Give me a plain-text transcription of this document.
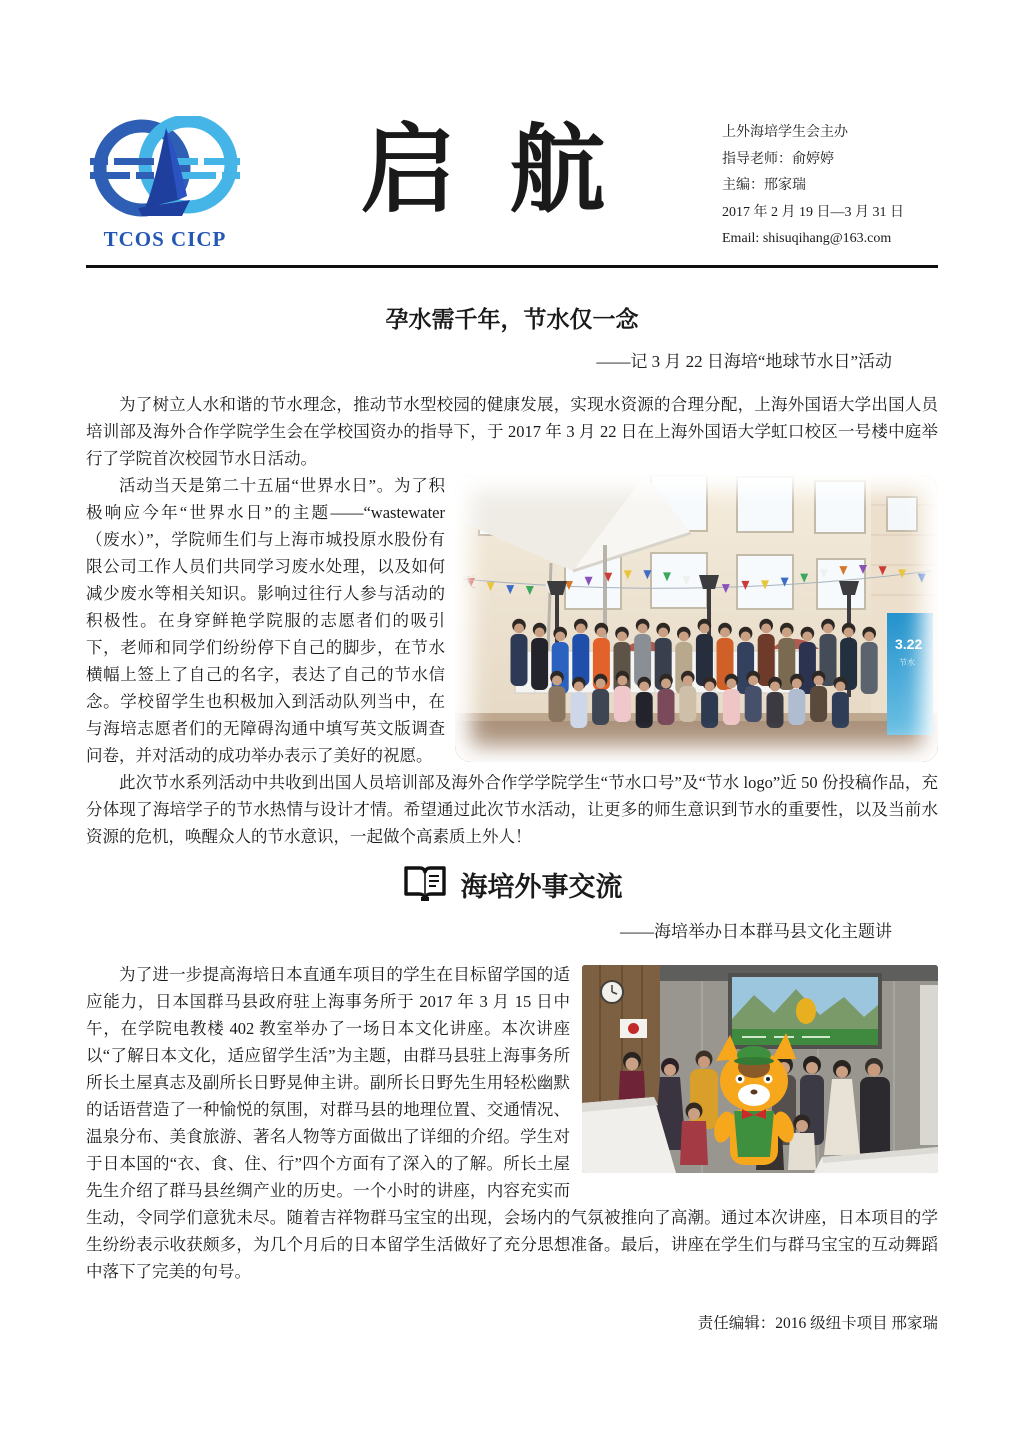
TCOS CICP
启航	上外海培学生会主办
指导老师：俞婷婷
主编：邢家瑞
2017 年 2 月 19 日—3 月 31 日
Email: shisuqihang@163.com
孕水需千年，节水仅一念
——记 3 月 22 日海培“地球节水日”活动

为了树立人水和谐的节水理念，推动节水型校园的健康发展，实现水资源的合理分配，上海外国语大学出国人员培训部及海外合作学院学生会在学校国资办的指导下，于 2017 年 3 月 22 日在上海外国语大学虹口校区一号楼中庭举行了学院首次校园节水日活动。

3.22
节水
天

活动当天是第二十五届“世界水日”。为了积极响应今年“世界水日”的主题——“wastewater（废水）”，学院师生们与上海市城投原水股份有限公司工作人员们共同学习废水处理，以及如何减少废水等相关知识。影响过往行人参与活动的积极性。在身穿鲜艳学院服的志愿者们的吸引下，老师和同学们纷纷停下自己的脚步，在节水横幅上签上了自己的名字，表达了自己的节水信念。学校留学生也积极加入到活动队列当中，在与海培志愿者们的无障碍沟通中填写英文版调查问卷，并对活动的成功举办表示了美好的祝愿。

此次节水系列活动中共收到出国人员培训部及海外合作学学院学生“节水口号”及“节水 logo”近 50 份投稿作品，充分体现了海培学子的节水热情与设计才情。希望通过此次节水活动，让更多的师生意识到节水的重要性，以及当前水资源的危机，唤醒众人的节水意识，一起做个高素质上外人！

海培外事交流
——海培举办日本群马县文化主题讲

为了进一步提高海培日本直通车项目的学生在目标留学国的适应能力，日本国群马县政府驻上海事务所于 2017 年 3 月 15 日中午，在学院电教楼 402 教室举办了一场日本文化讲座。本次讲座以“了解日本文化，适应留学生活”为主题，由群马县驻上海事务所所长土屋真志及副所长日野晃伸主讲。副所长日野先生用轻松幽默的话语营造了一种愉悦的氛围，对群马县的地理位置、交通情况、温泉分布、美食旅游、著名人物等方面做出了详细的介绍。学生对于日本国的“衣、食、住、行”四个方面有了深入的了解。所长土屋先生介绍了群马县丝绸产业的历史。一个小时的讲座，内容充实而生动，令同学们意犹未尽。随着吉祥物群马宝宝的出现，会场内的气氛被推向了高潮。通过本次讲座，日本项目的学生纷纷表示收获颇多，为几个月后的日本留学生活做好了充分思想准备。最后，讲座在学生们与群马宝宝的互动舞蹈中落下了完美的句号。

责任编辑：2016 级纽卡项目 邢家瑞
